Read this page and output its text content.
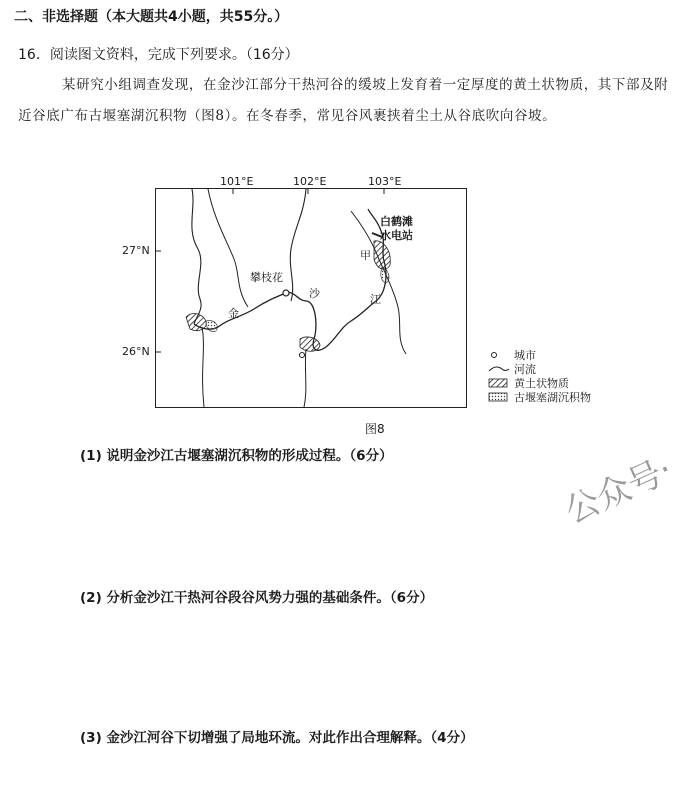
二、非选择题（本大题共4小题，共55分。）
16．阅读图文资料，完成下列要求。（16分）
某研究小组调查发现，在金沙江部分干热河谷的缓坡上发育着一定厚度的黄土状物质，其下部及附近谷底广布古堰塞湖沉积物（图8）。在冬春季，常见谷风裹挟着尘土从谷底吹向谷坡。
101°E	102°E	103°E
27°N
26°N
攀枝花
金
沙	江
白鹤滩
水电站
甲
城市
河流
黄土状物质
古堰塞湖沉积物
图8
(1) 说明金沙江古堰塞湖沉积物的形成过程。（6分）	公众号·
(2) 分析金沙江干热河谷段谷风势力强的基础条件。（6分）
(3) 金沙江河谷下切增强了局地环流。对此作出合理解释。（4分）
